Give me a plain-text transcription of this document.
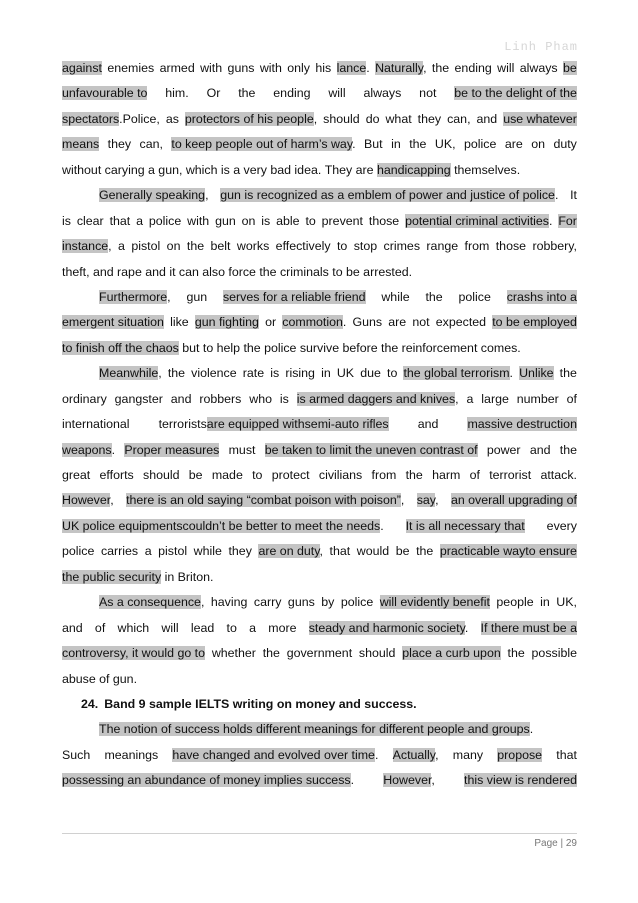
Linh Pham
against enemies armed with guns with only his lance. Naturally, the ending will always be
unfavourable to him. Or the ending will always not be to the delight of the
spectators.Police, as protectors of his people, should do what they can, and use whatever
means they can, to keep people out of harm’s way. But in the UK, police are on duty
without carying a gun, which is a very bad idea. They are handicapping themselves.
Generally speaking, gun is recognized as a emblem of power and justice of police. It
is clear that a police with gun on is able to prevent those potential criminal activities. For
instance, a pistol on the belt works effectively to stop crimes range from those robbery,
theft, and rape and it can also force the criminals to be arrested.
Furthermore, gun serves for a reliable friend while the police crashs into a
emergent situation like gun fighting or commotion. Guns are not expected to be employed
to finish off the chaos but to help the police survive before the reinforcement comes.
Meanwhile, the violence rate is rising in UK due to the global terrorism. Unlike the
ordinary gangster and robbers who is is armed daggers and knives, a large number of
international terroristsare equipped withsemi-auto rifles and massive destruction
weapons. Proper measures must be taken to limit the uneven contrast of power and the
great efforts should be made to protect civilians from the harm of terrorist attack.
However, there is an old saying “combat poison with poison”, say, an overall upgrading of
UK police equipmentscouldn’t be better to meet the needs. It is all necessary that every
police carries a pistol while they are on duty, that would be the practicable wayto ensure
the public security in Briton.
As a consequence, having carry guns by police will evidently benefit people in UK,
and of which will lead to a more steady and harmonic society. If there must be a
controversy, it would go to whether the government should place a curb upon the possible
abuse of gun.
24. Band 9 sample IELTS writing on money and success.
The notion of success holds different meanings for different people and groups.
Such meanings have changed and evolved over time. Actually, many propose that
possessing an abundance of money implies success. However, this view is rendered
Page | 29
